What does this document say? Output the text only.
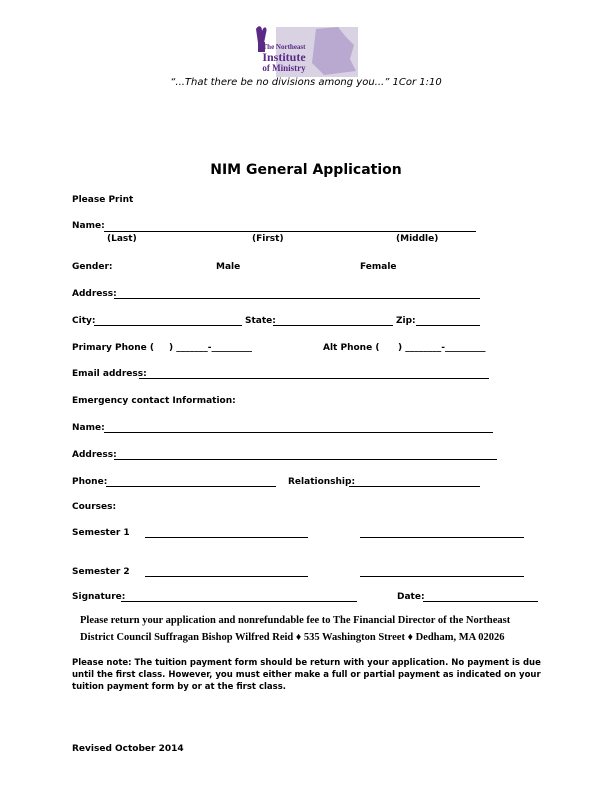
The Northeast
Institute
of Ministry
“...That there be no divisions among you...” 1Cor 1:10
NIM General Application
Please Print
Name:
(Last)	(First)	(Middle)
Gender:	Male	Female
Address:
City:	State:	Zip:
Primary Phone ( ) _______-_________	Alt Phone ( ) ________-_________
Email address:
Emergency contact Information:
Name:
Address:
Phone:	Relationship:
Courses:
Semester 1
Semester 2
Signature:	Date:
Please return your application and nonrefundable fee to The Financial Director of the Northeast
District Council Suffragan Bishop Wilfred Reid ♦ 535 Washington Street ♦ Dedham, MA 02026
Please note: The tuition payment form should be return with your application. No payment is due until the first class. However, you must either make a full or partial payment as indicated on your tuition payment form by or at the first class.
Revised October 2014
